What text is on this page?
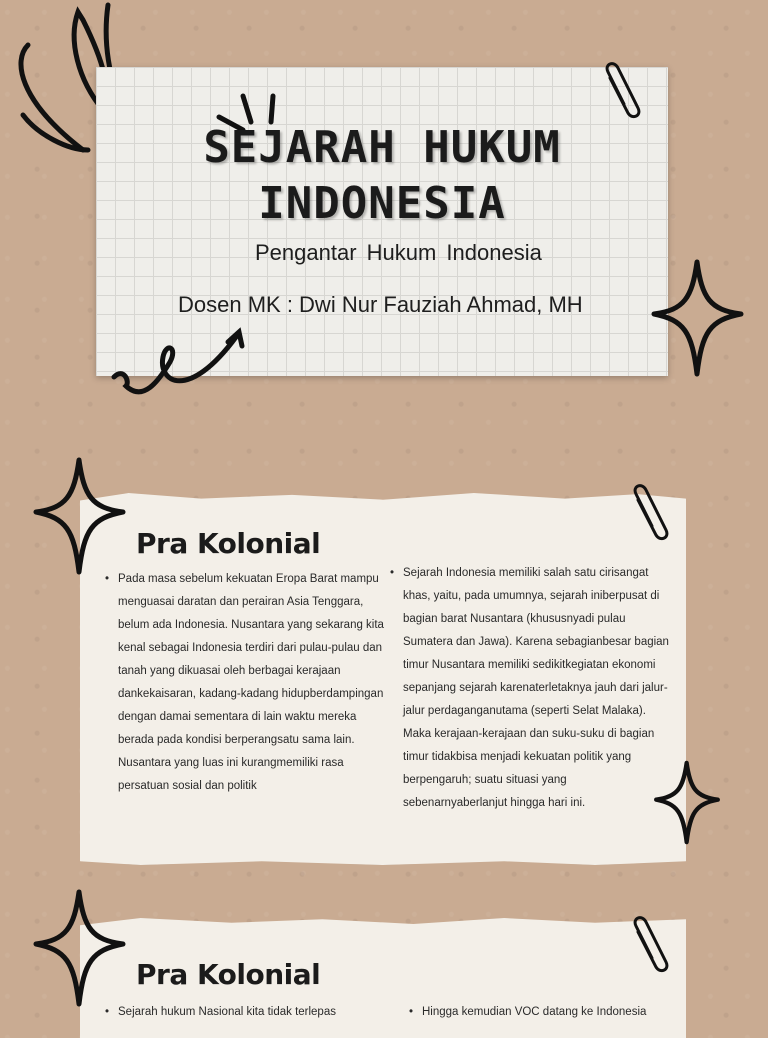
SEJARAH HUKUM
INDONESIA
Pengantar Hukum Indonesia
Dosen MK : Dwi Nur Fauziah Ahmad, MH
Pra Kolonial

• Pada masa sebelum kekuatan Eropa Barat mampu menguasai daratan dan perairan Asia Tenggara, belum ada Indonesia. Nusantara yang sekarang kita kenal sebagai Indonesia terdiri dari pulau-pulau dan tanah yang dikuasai oleh berbagai kerajaan dankekaisaran, kadang-kadang hidupberdampingan dengan damai sementara di lain waktu mereka berada pada kondisi berperangsatu sama lain. Nusantara yang luas ini kurangmemiliki rasa persatuan sosial dan politik

• Sejarah Indonesia memiliki salah satu cirisangat khas, yaitu, pada umumnya, sejarah iniberpusat di bagian barat Nusantara (khususnyadi pulau Sumatera dan Jawa). Karena sebagianbesar bagian timur Nusantara memiliki sedikitkegiatan ekonomi sepanjang sejarah karenaterletaknya jauh dari jalur-jalur perdaganganutama (seperti Selat Malaka). Maka kerajaan-kerajaan dan suku-suku di bagian timur tidakbisa menjadi kekuatan politik yang berpengaruh; suatu situasi yang sebenarnyaberlanjut hingga hari ini.

Pra Kolonial

• Sejarah hukum Nasional kita tidak terlepas

•	Hingga kemudian VOC datang ke Indonesia
